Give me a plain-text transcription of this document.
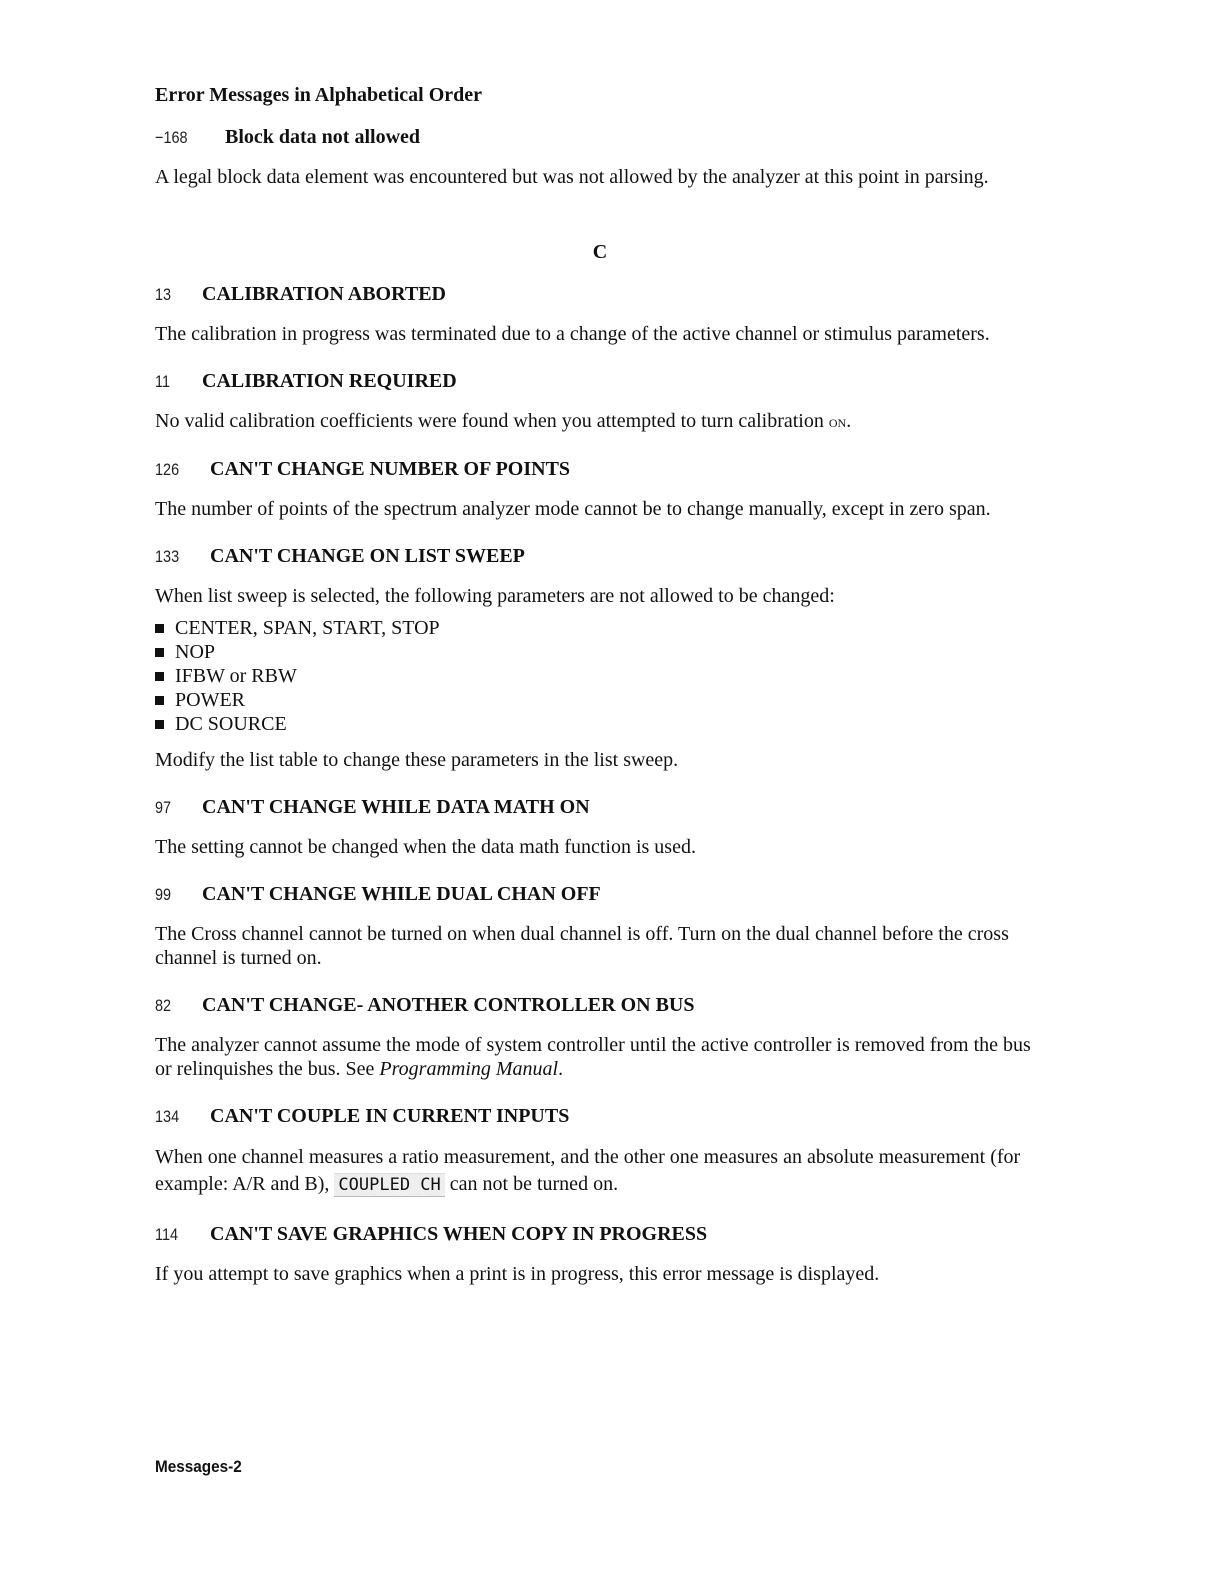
Error Messages in Alphabetical Order
−168	Block data not allowed

A legal block data element was encountered but was not allowed by the analyzer at this point in parsing.

C
13	CALIBRATION ABORTED

The calibration in progress was terminated due to a change of the active channel or stimulus parameters.

11	CALIBRATION REQUIRED

No valid calibration coefficients were found when you attempted to turn calibration on.

126	CAN'T CHANGE NUMBER OF POINTS

The number of points of the spectrum analyzer mode cannot be to change manually, except in zero span.

133	CAN'T CHANGE ON LIST SWEEP

When list sweep is selected, the following parameters are not allowed to be changed:

CENTER, SPAN, START, STOP
NOP
IFBW or RBW
POWER
DC SOURCE

Modify the list table to change these parameters in the list sweep.

97	CAN'T CHANGE WHILE DATA MATH ON

The setting cannot be changed when the data math function is used.

99	CAN'T CHANGE WHILE DUAL CHAN OFF

The Cross channel cannot be turned on when dual channel is off. Turn on the dual channel before the cross channel is turned on.

82	CAN'T CHANGE- ANOTHER CONTROLLER ON BUS

The analyzer cannot assume the mode of system controller until the active controller is removed from the bus or relinquishes the bus. See Programming Manual.

134	CAN'T COUPLE IN CURRENT INPUTS

When one channel measures a ratio measurement, and the other one measures an absolute measurement (for example: A/R and B), COUPLED CH can not be turned on.

114	CAN'T SAVE GRAPHICS WHEN COPY IN PROGRESS

If you attempt to save graphics when a print is in progress, this error message is displayed.

Messages-2
